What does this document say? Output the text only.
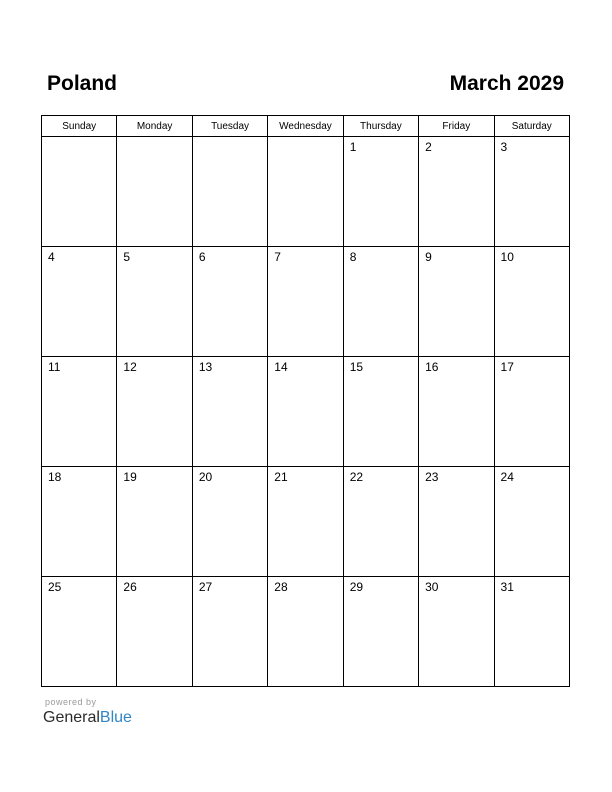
Poland	March 2029
Sunday	Monday	Tuesday	Wednesday	Thursday	Friday	Saturday

				1	2	3

4	5	6	7	8	9	10

11	12	13	14	15	16	17

18	19	20	21	22	23	24

25	26	27	28	29	30	31
powered by
GeneralBlue
